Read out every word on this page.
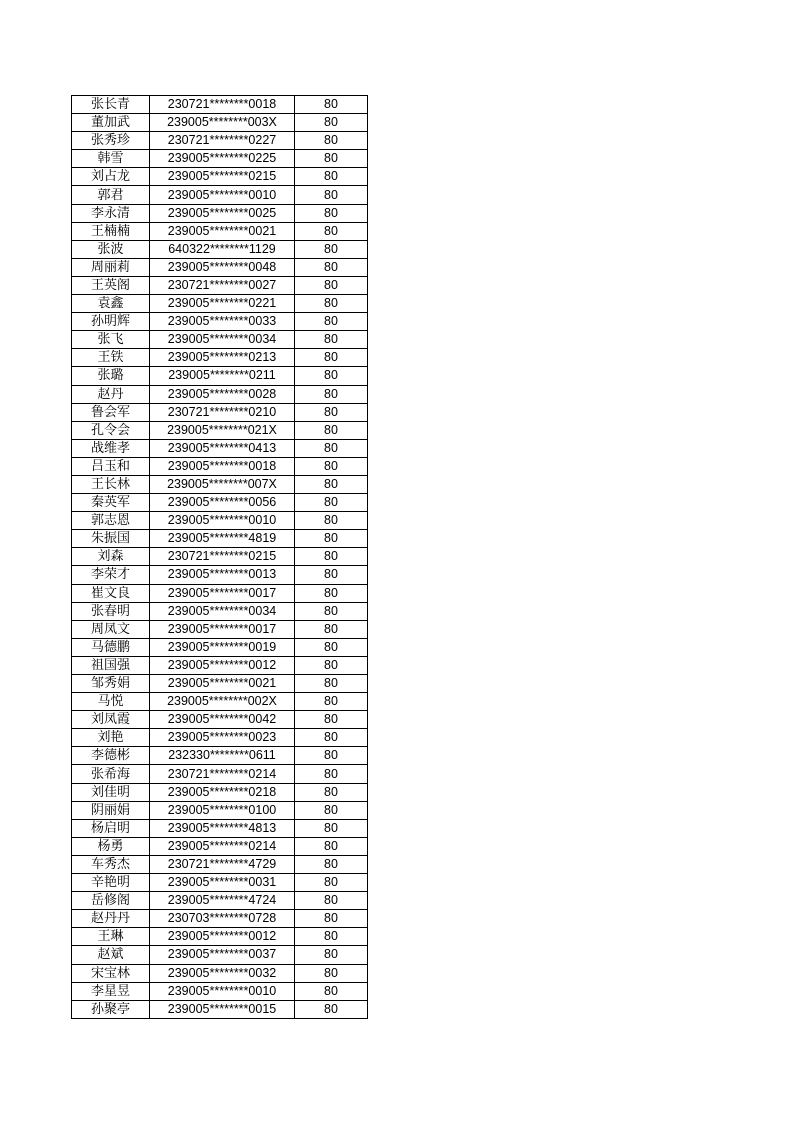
张长青	230721********0018	80
董加武	239005********003X	80
张秀珍	230721********0227	80
韩雪	239005********0225	80
刘占龙	239005********0215	80
郭君	239005********0010	80
李永清	239005********0025	80
王楠楠	239005********0021	80
张波	640322********1129	80
周丽莉	239005********0048	80
王英阁	230721********0027	80
袁鑫	239005********0221	80
孙明辉	239005********0033	80
张飞	239005********0034	80
王铁	239005********0213	80
张璐	239005********0211	80
赵丹	239005********0028	80
鲁会军	230721********0210	80
孔令会	239005********021X	80
战维孝	239005********0413	80
吕玉和	239005********0018	80
王长林	239005********007X	80
秦英军	239005********0056	80
郭志恩	239005********0010	80
朱振国	239005********4819	80
刘森	230721********0215	80
李荣才	239005********0013	80
崔文良	239005********0017	80
张春明	239005********0034	80
周凤文	239005********0017	80
马德鹏	239005********0019	80
祖国强	239005********0012	80
邹秀娟	239005********0021	80
马悦	239005********002X	80
刘凤霞	239005********0042	80
刘艳	239005********0023	80
李德彬	232330********0611	80
张希海	230721********0214	80
刘佳明	239005********0218	80
阴丽娟	239005********0100	80
杨启明	239005********4813	80
杨勇	239005********0214	80
车秀杰	230721********4729	80
辛艳明	239005********0031	80
岳修阁	239005********4724	80
赵丹丹	230703********0728	80
王琳	239005********0012	80
赵斌	239005********0037	80
宋宝林	239005********0032	80
李星昱	239005********0010	80
孙聚亭	239005********0015	80
